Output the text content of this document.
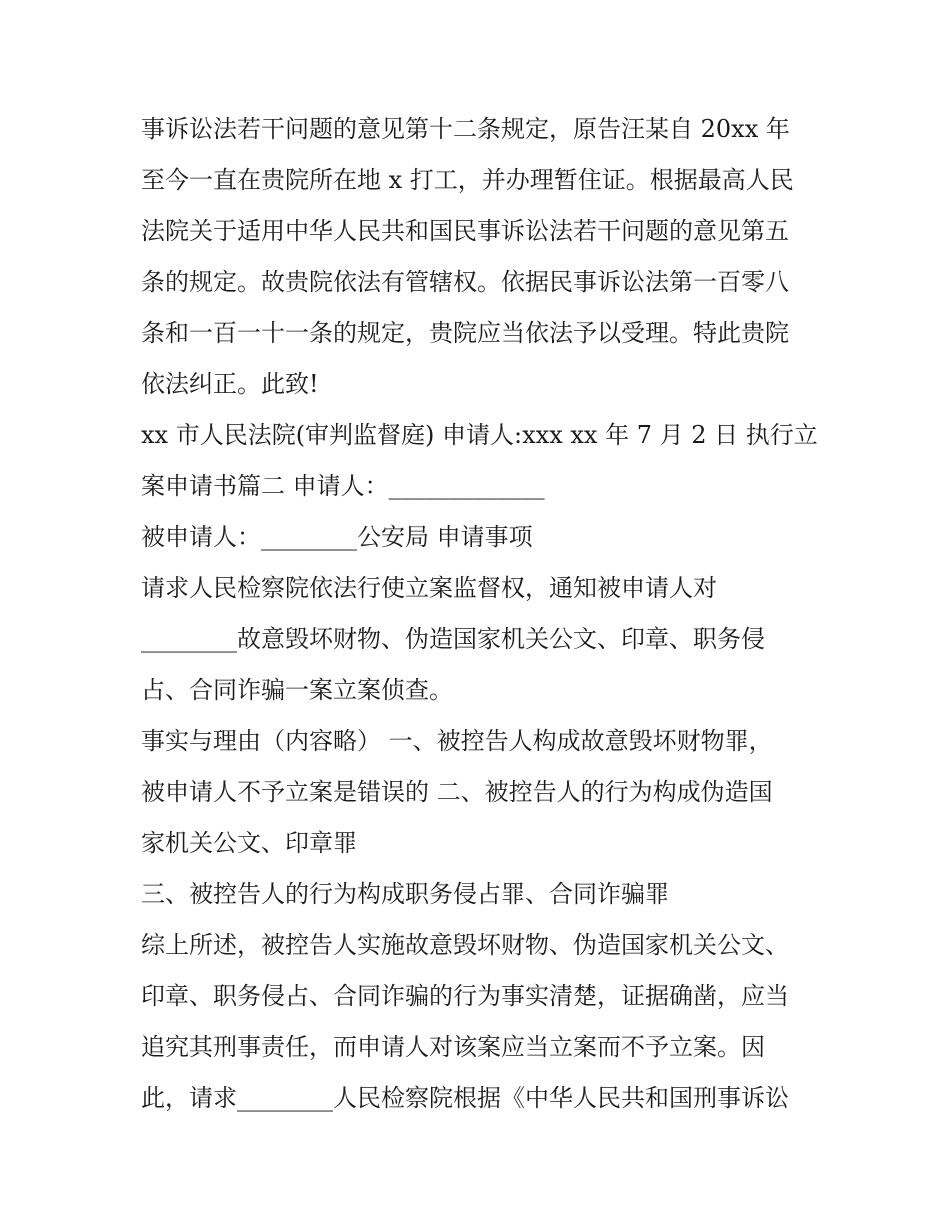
事诉讼法若干问题的意见第十二条规定，原告汪某自 20xx 年
至今一直在贵院所在地 x 打工，并办理暂住证。根据最高人民
法院关于适用中华人民共和国民事诉讼法若干问题的意见第五
条的规定。故贵院依法有管辖权。依据民事诉讼法第一百零八
条和一百一十一条的规定，贵院应当依法予以受理。特此贵院
依法纠正。此致!
xx 市人民法院(审判监督庭) 申请人:xxx xx 年 7 月 2 日 执行立
案申请书篇二 申请人：_____________
被申请人：________公安局 申请事项
请求人民检察院依法行使立案监督权，通知被申请人对
________故意毁坏财物、伪造国家机关公文、印章、职务侵
占、合同诈骗一案立案侦查。
事实与理由（内容略） 一、被控告人构成故意毁坏财物罪，
被申请人不予立案是错误的 二、被控告人的行为构成伪造国
家机关公文、印章罪
三、被控告人的行为构成职务侵占罪、合同诈骗罪
综上所述，被控告人实施故意毁坏财物、伪造国家机关公文、
印章、职务侵占、合同诈骗的行为事实清楚，证据确凿，应当
追究其刑事责任，而申请人对该案应当立案而不予立案。因
此，请求________人民检察院根据《中华人民共和国刑事诉讼
